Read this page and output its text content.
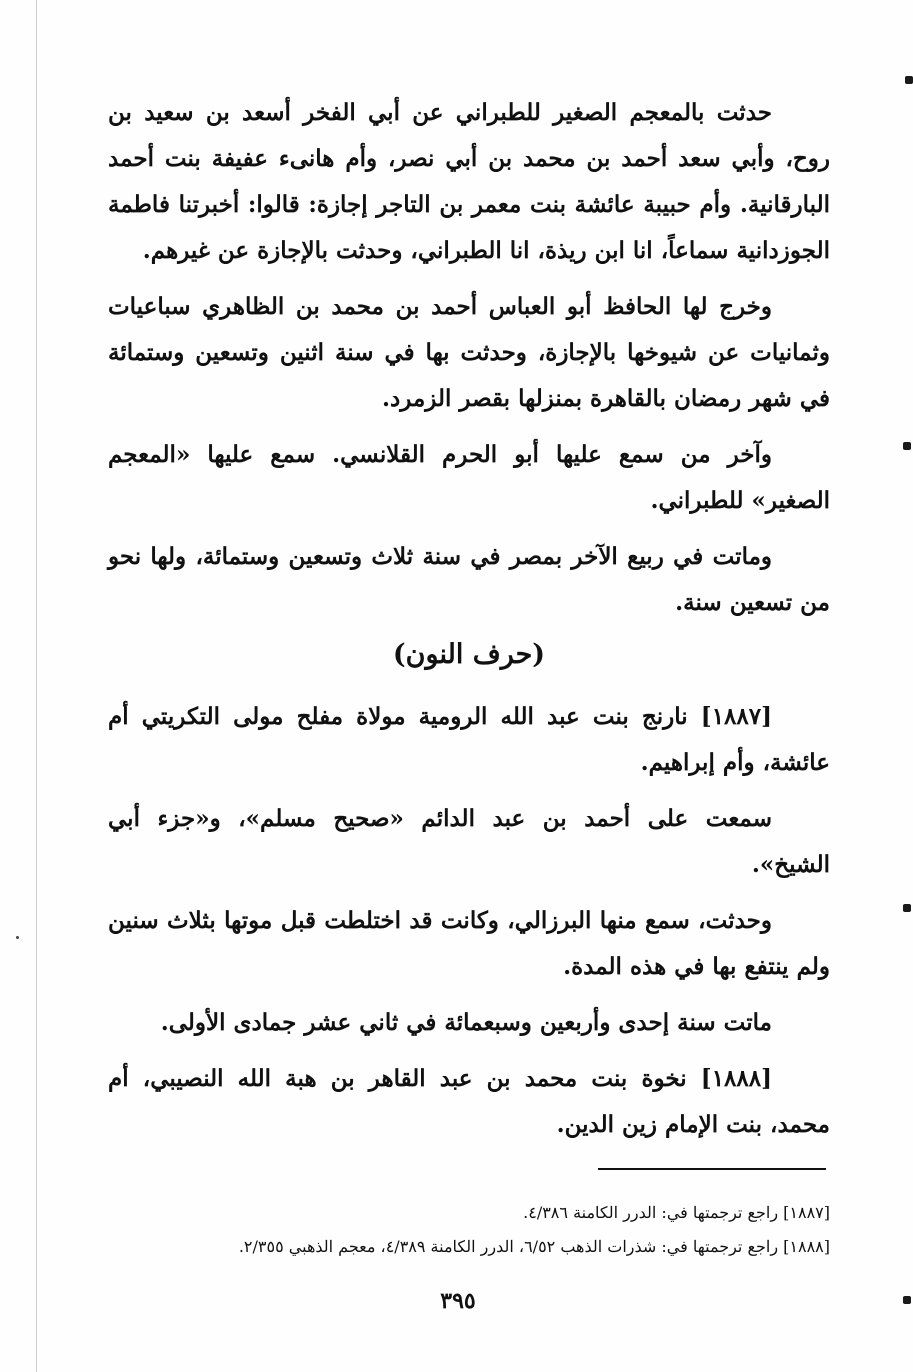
حدثت بالمعجم الصغير للطبراني عن أبي الفخر أسعد بن سعيد بن روح، وأبي سعد أحمد بن محمد بن أبي نصر، وأم هانىء عفيفة بنت أحمد البارقانية. وأم حبيبة عائشة بنت معمر بن التاجر إجازة: قالوا: أخبرتنا فاطمة الجوزدانية سماعاً، انا ابن ريذة، انا الطبراني، وحدثت بالإجازة عن غيرهم.

وخرج لها الحافظ أبو العباس أحمد بن محمد بن الظاهري سباعيات وثمانيات عن شيوخها بالإجازة، وحدثت بها في سنة اثنين وتسعين وستمائة في شهر رمضان بالقاهرة بمنزلها بقصر الزمرد.

وآخر من سمع عليها أبو الحرم القلانسي. سمع عليها «المعجم الصغير» للطبراني.

وماتت في ربيع الآخر بمصر في سنة ثلاث وتسعين وستمائة، ولها نحو من تسعين سنة.

(حرف النون)

[١٨٨٧] نارنج بنت عبد الله الرومية مولاة مفلح مولى التكريتي أم عائشة، وأم إبراهيم.

سمعت على أحمد بن عبد الدائم «صحيح مسلم»، و«جزء أبي الشيخ».

وحدثت، سمع منها البرزالي، وكانت قد اختلطت قبل موتها بثلاث سنين ولم ينتفع بها في هذه المدة.

ماتت سنة إحدى وأربعين وسبعمائة في ثاني عشر جمادى الأولى.

[١٨٨٨] نخوة بنت محمد بن عبد القاهر بن هبة الله النصيبي، أم محمد، بنت الإمام زين الدين.

[١٨٨٧] راجع ترجمتها في: الدرر الكامنة ٤/٣٨٦.

[١٨٨٨] راجع ترجمتها في: شذرات الذهب ٦/٥٢، الدرر الكامنة ٤/٣٨٩، معجم الذهبي ٢/٣٥٥.

٣٩٥
